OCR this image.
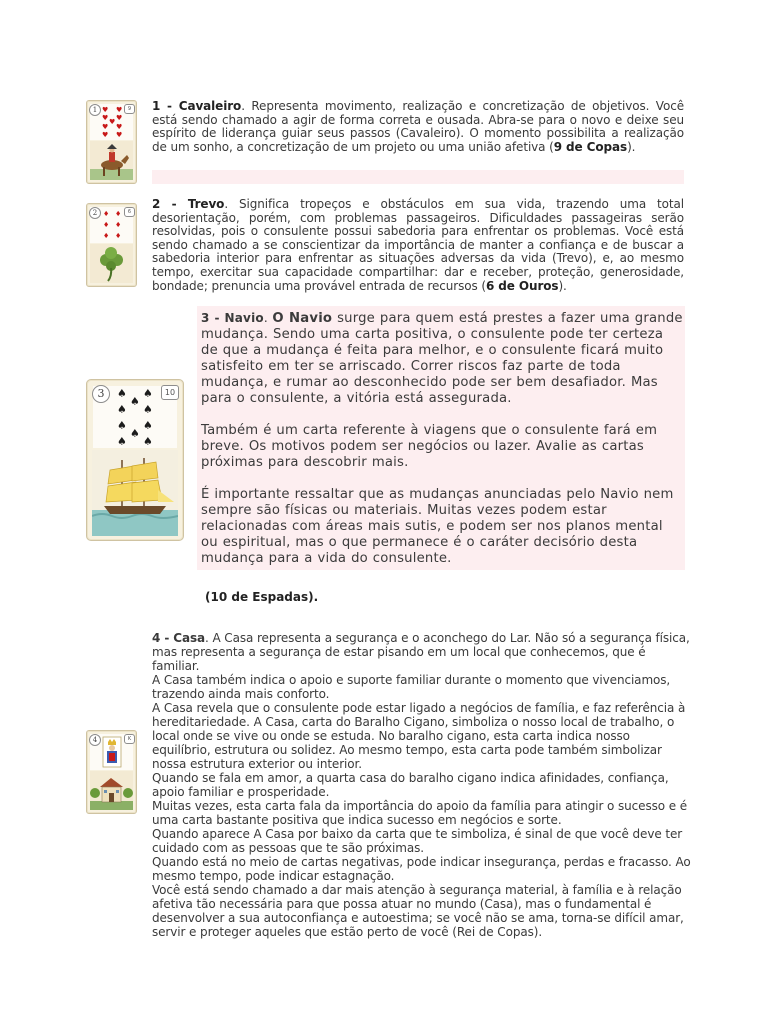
1	9
♥ ♥
♥ ♥
♥
♥ ♥
♥ ♥
1 - Cavaleiro. Representa movimento, realização e concretização de objetivos. Você está sendo chamado a agir de forma correta e ousada. Abra-se para o novo e deixe seu espírito de liderança guiar seus passos (Cavaleiro). O momento possibilita a realização de um sonho, a concretização de um projeto ou uma união afetiva (9 de Copas).
2	6
♦ ♦
♦ ♦
♦ ♦
2 - Trevo. Significa tropeços e obstáculos em sua vida, trazendo uma total desorientação, porém, com problemas passageiros. Dificuldades passageiras serão resolvidas, pois o consulente possui sabedoria para enfrentar os problemas. Você está sendo chamado a se conscientizar da importância de manter a confiança e de buscar a sabedoria interior para enfrentar as situações adversas da vida (Trevo), e, ao mesmo tempo, exercitar sua capacidade compartilhar: dar e receber, proteção, generosidade, bondade; prenuncia uma provável entrada de recursos (6 de Ouros).
3	10
♠ ♠
♠
♠ ♠
♠ ♠
♠
♠ ♠

3 - Navio. O Navio surge para quem está prestes a fazer uma grande mudança. Sendo uma carta positiva, o consulente pode ter certeza de que a mudança é feita para melhor, e o consulente ficará muito satisfeito em ter se arriscado. Correr riscos faz parte de toda mudança, e rumar ao desconhecido pode ser bem desafiador. Mas para o consulente, a vitória está assegurada.

Também é um carta referente à viagens que o consulente fará em breve. Os motivos podem ser negócios ou lazer. Avalie as cartas próximas para descobrir mais.

É importante ressaltar que as mudanças anunciadas pelo Navio nem sempre são físicas ou materiais. Muitas vezes podem estar relacionadas com áreas mais sutis, e podem ser nos planos mental ou espiritual, mas o que permanece é o caráter decisório desta mudança para a vida do consulente.

(10 de Espadas).
4	K

4 - Casa. A Casa representa a segurança e o aconchego do Lar. Não só a segurança física, mas representa a segurança de estar pisando em um local que conhecemos, que é familiar.

A Casa também indica o apoio e suporte familiar durante o momento que vivenciamos, trazendo ainda mais conforto.

A Casa revela que o consulente pode estar ligado a negócios de família, e faz referência à hereditariedade. A Casa, carta do Baralho Cigano, simboliza o nosso local de trabalho, o local onde se vive ou onde se estuda. No baralho cigano, esta carta indica nosso equilíbrio, estrutura ou solidez. Ao mesmo tempo, esta carta pode também simbolizar nossa estrutura exterior ou interior.

Quando se fala em amor, a quarta casa do baralho cigano indica afinidades, confiança, apoio familiar e prosperidade.

Muitas vezes, esta carta fala da importância do apoio da família para atingir o sucesso e é uma carta bastante positiva que indica sucesso em negócios e sorte.

Quando aparece A Casa por baixo da carta que te simboliza, é sinal de que você deve ter cuidado com as pessoas que te são próximas.

Quando está no meio de cartas negativas, pode indicar insegurança, perdas e fracasso. Ao mesmo tempo, pode indicar estagnação.

Você está sendo chamado a dar mais atenção à segurança material, à família e à relação afetiva tão necessária para que possa atuar no mundo (Casa), mas o fundamental é desenvolver a sua autoconfiança e autoestima; se você não se ama, torna-se difícil amar, servir e proteger aqueles que estão perto de você (Rei de Copas).
